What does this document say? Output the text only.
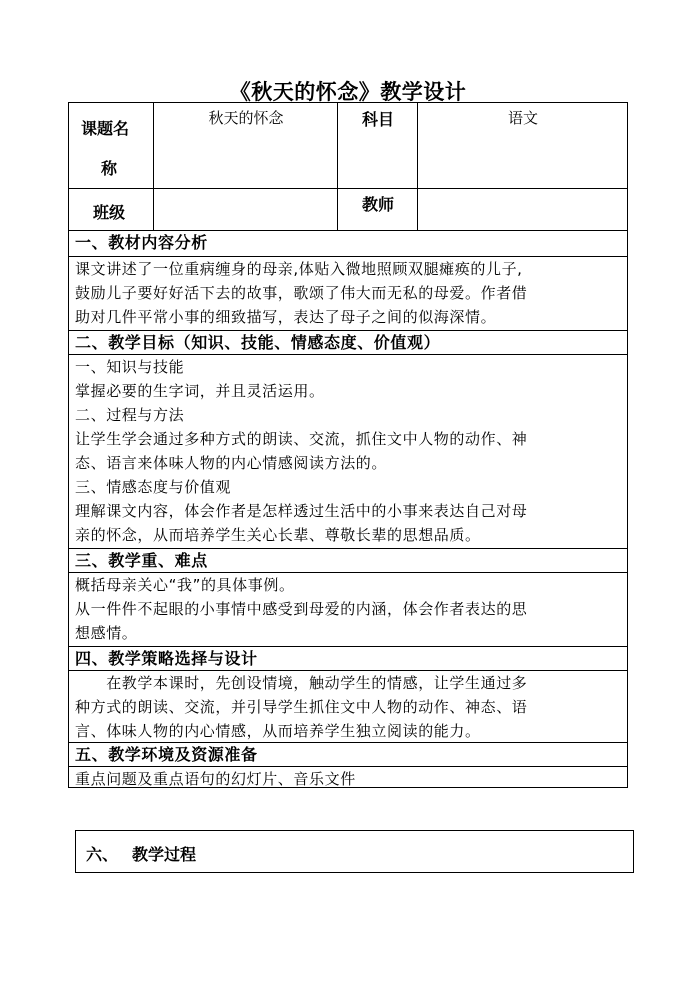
《秋天的怀念》教学设计
课题名
称
秋天的怀念	科目	语文
班级	教师
一、教材内容分析
课文讲述了一位重病缠身的母亲,体贴入微地照顾双腿瘫痪的儿子,
鼓励儿子要好好活下去的故事，歌颂了伟大而无私的母爱。作者借
助对几件平常小事的细致描写，表达了母子之间的似海深情。
二、教学目标（知识、技能、情感态度、价值观）
一、知识与技能
掌握必要的生字词，并且灵活运用。
二、过程与方法
让学生学会通过多种方式的朗读、交流，抓住文中人物的动作、神
态、语言来体味人物的内心情感阅读方法的。
三、情感态度与价值观
理解课文内容，体会作者是怎样透过生活中的小事来表达自己对母
亲的怀念，从而培养学生关心长辈、尊敬长辈的思想品质。
三、教学重、难点
概括母亲关心“我”的具体事例。
从一件件不起眼的小事情中感受到母爱的内涵，体会作者表达的思
想感情。
四、教学策略选择与设计
　　在教学本课时，先创设情境，触动学生的情感，让学生通过多
种方式的朗读、交流，并引导学生抓住文中人物的动作、神态、语
言、体味人物的内心情感，从而培养学生独立阅读的能力。
五、教学环境及资源准备
重点问题及重点语句的幻灯片、音乐文件
六、 教学过程
